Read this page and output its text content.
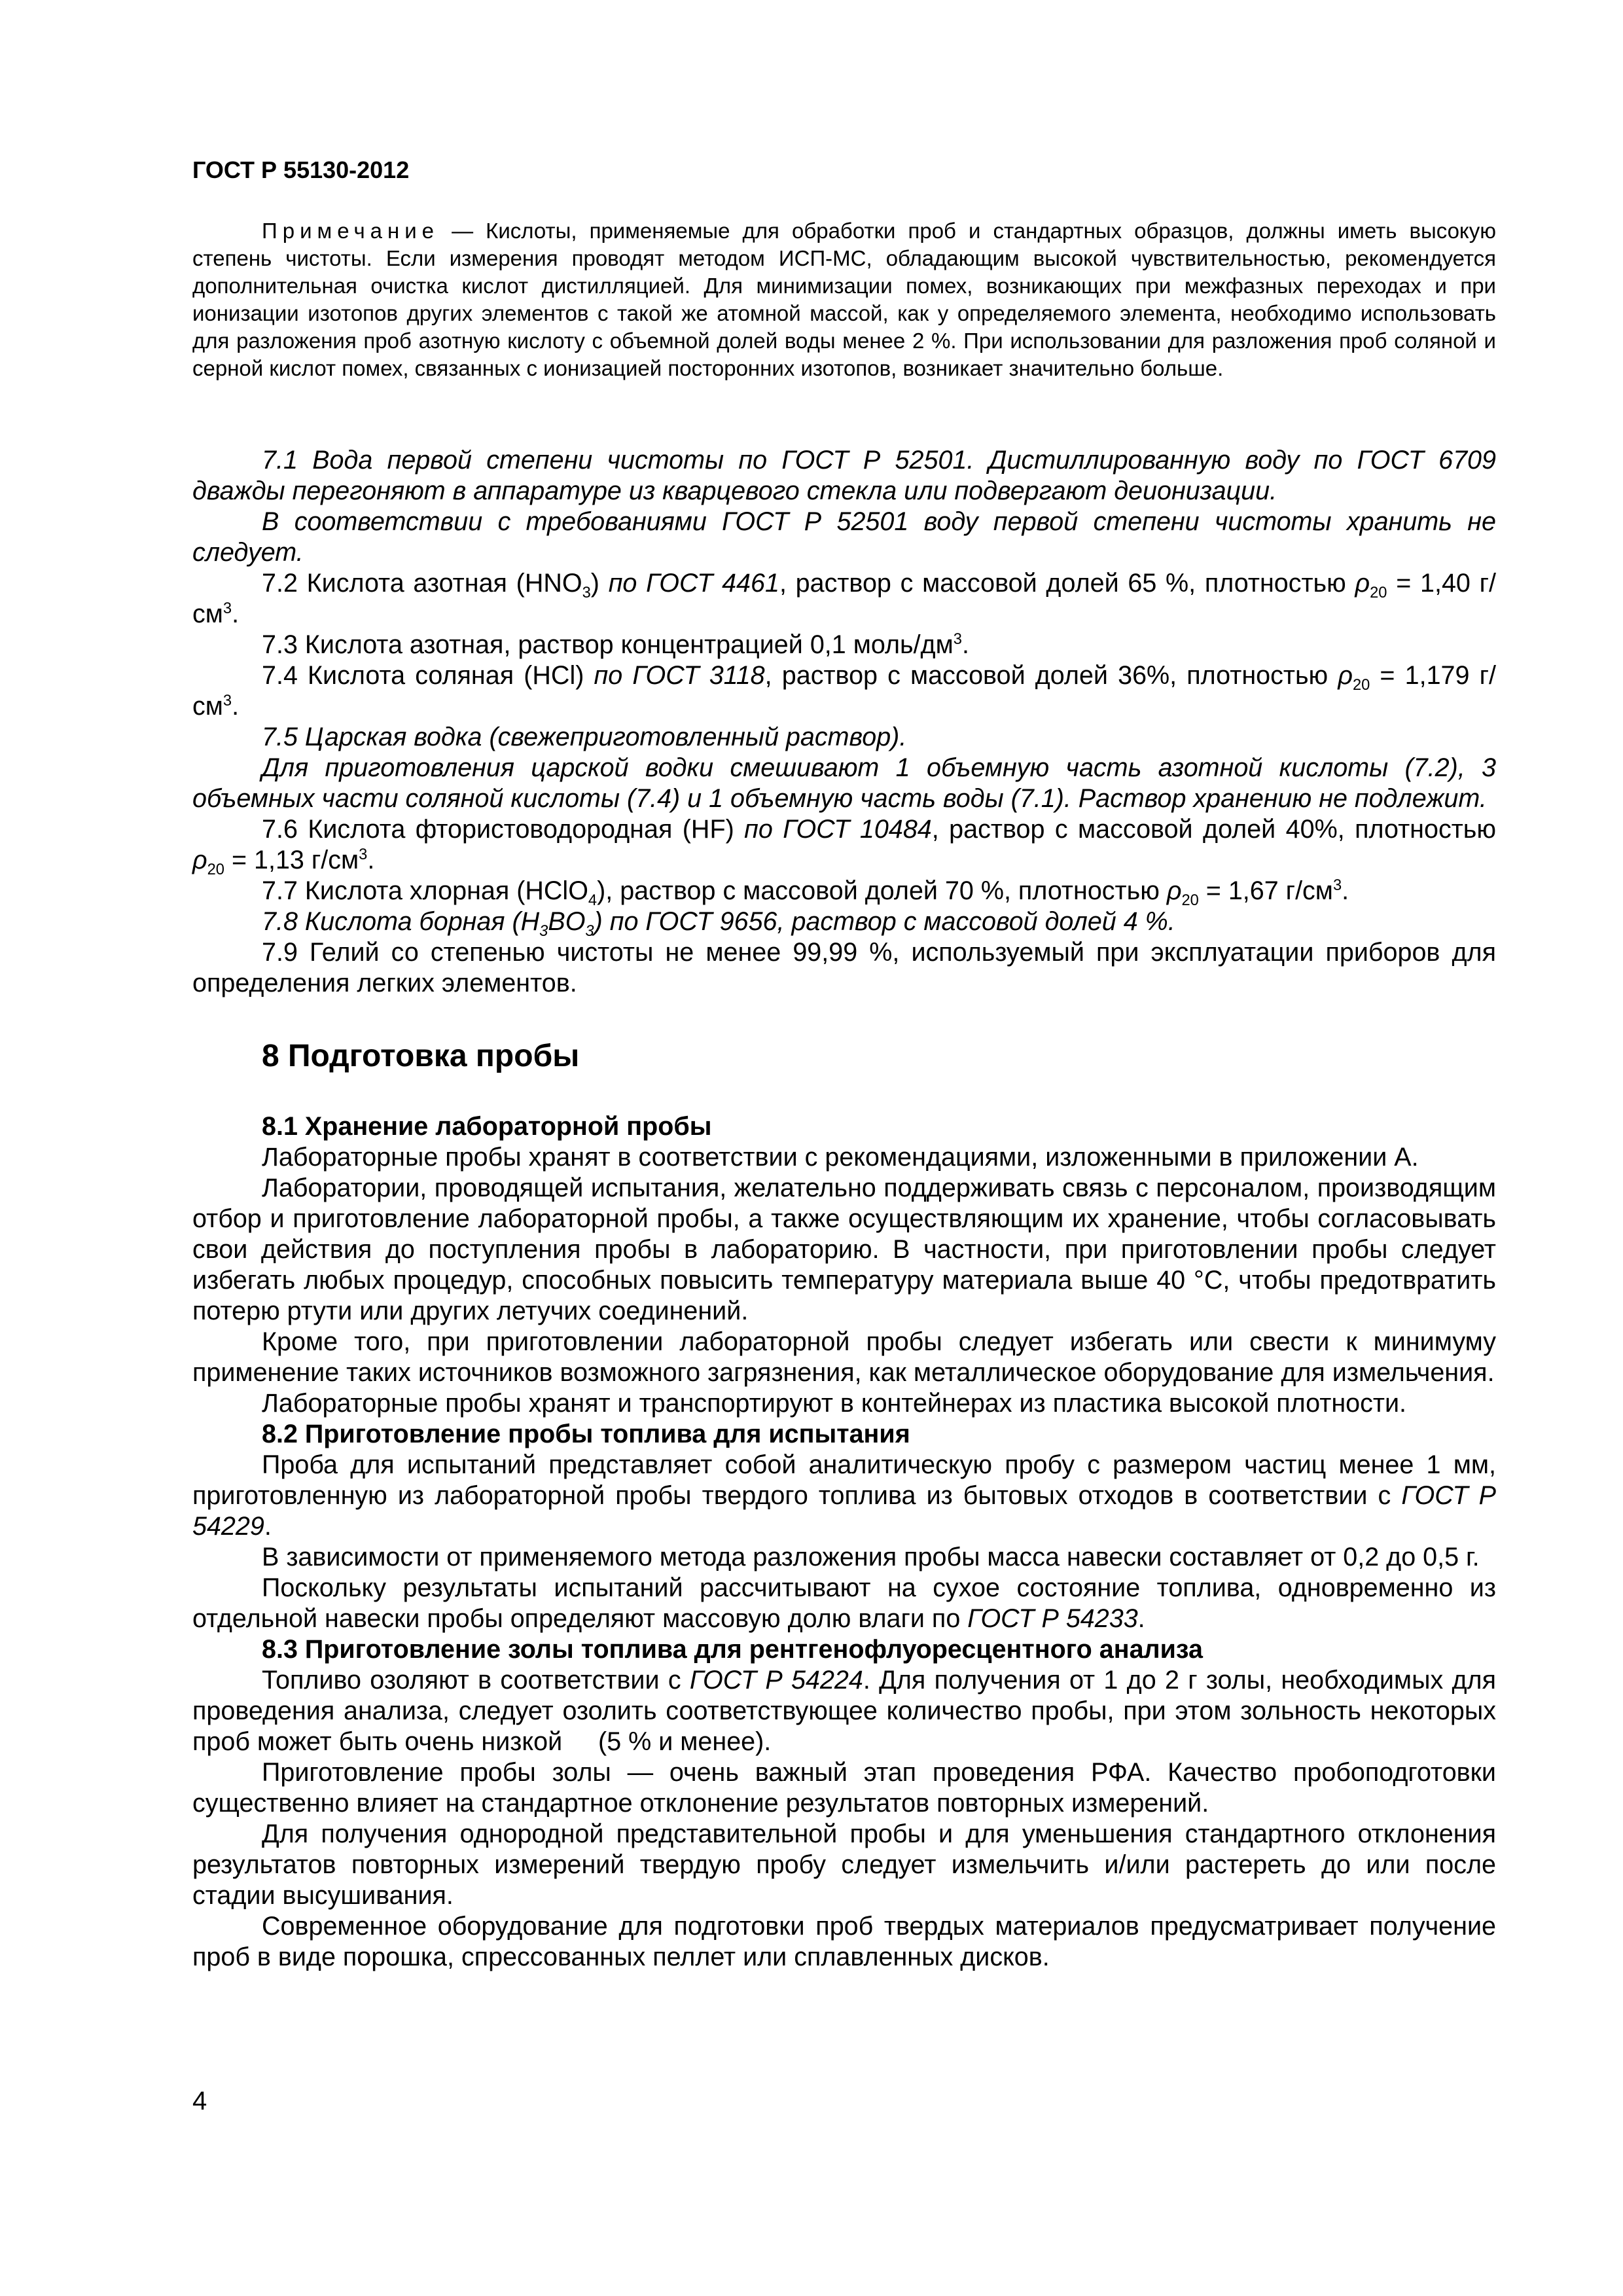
ГОСТ Р 55130-2012

Примечание — Кислоты, применяемые для обработки проб и стандартных образцов, должны иметь высокую степень чистоты. Если измерения проводят методом ИСП-МС, обладающим высокой чувствительностью, рекомендуется дополнительная очистка кислот дистилляцией. Для минимизации помех, возникающих при межфазных переходах и при ионизации изотопов других элементов с такой же атомной массой, как у определяемого элемента, необходимо использовать для разложения проб азотную кислоту с объемной долей воды менее 2 %. При использовании для разложения проб соляной и серной кислот помех, связанных с ионизацией посторонних изотопов, возникает значительно больше.

7.1 Вода первой степени чистоты по ГОСТ Р 52501. Дистиллированную воду по ГОСТ 6709 дважды перегоняют в аппаратуре из кварцевого стекла или подвергают деионизации.

В соответствии с требованиями ГОСТ Р 52501 воду первой степени чистоты хранить не следует.

7.2 Кислота азотная $(HNO_3)$ по ГОСТ 4461, раствор с массовой долей 65 %, плотностью $\rho_{20} = 1,40$ $г/см^3$.

7.3 Кислота азотная, раствор концентрацией 0,1 моль/$дм^3$.

7.4 Кислота соляная (HCl) по ГОСТ 3118, раствор с массовой долей 36%, плотностью $\rho_{20} = 1,179$ $г/см^3$.

7.5 Царская водка (свежеприготовленный раствор).

Для приготовления царской водки смешивают 1 объемную часть азотной кислоты (7.2), 3 объемных части соляной кислоты (7.4) и 1 объемную часть воды (7.1). Раствор хранению не подлежит.

7.6 Кислота фтористоводородная (HF) по ГОСТ 10484, раствор с массовой долей 40%, плотностью $\rho_{20} = 1,13$ $г/см^3$.

7.7 Кислота хлорная (HClO$_4$), раствор с массовой долей 70 %, плотностью $\rho_{20} = 1,67$ $г/см^3$.

7.8 Кислота борная $(H_3BO_3)$ по ГОСТ 9656, раствор с массовой долей 4 %.

7.9 Гелий со степенью чистоты не менее 99,99 %, используемый при эксплуатации приборов для определения легких элементов.

8 Подготовка пробы

8.1 Хранение лабораторной пробы

Лабораторные пробы хранят в соответствии с рекомендациями, изложенными в приложении А.

Лаборатории, проводящей испытания, желательно поддерживать связь с персоналом, производящим отбор и приготовление лабораторной пробы, а также осуществляющим их хранение, чтобы согласовывать свои действия до поступления пробы в лабораторию. В частности, при приготовлении пробы следует избегать любых процедур, способных повысить температуру материала выше 40 °С, чтобы предотвратить потерю ртути или других летучих соединений.

Кроме того, при приготовлении лабораторной пробы следует избегать или свести к минимуму применение таких источников возможного загрязнения, как металлическое оборудование для измельчения.

Лабораторные пробы хранят и транспортируют в контейнерах из пластика высокой плотности.

8.2 Приготовление пробы топлива для испытания

Проба для испытаний представляет собой аналитическую пробу с размером частиц менее 1 мм, приготовленную из лабораторной пробы твердого топлива из бытовых отходов в соответствии с ГОСТ Р 54229.

В зависимости от применяемого метода разложения пробы масса навески составляет от 0,2 до 0,5 г.

Поскольку результаты испытаний рассчитывают на сухое состояние топлива, одновременно из отдельной навески пробы определяют массовую долю влаги по ГОСТ Р 54233.

8.3 Приготовление золы топлива для рентгенофлуоресцентного анализа

Топливо озоляют в соответствии с ГОСТ Р 54224. Для получения от 1 до 2 г золы, необходимых для проведения анализа, следует озолить соответствующее количество пробы, при этом зольность некоторых проб может быть очень низкой     (5 % и менее).

Приготовление пробы золы — очень важный этап проведения РФА. Качество пробоподготовки существенно влияет на стандартное отклонение результатов повторных измерений.

Для получения однородной представительной пробы и для уменьшения стандартного отклонения результатов повторных измерений твердую пробу следует измельчить и/или растереть до или после стадии высушивания.

Современное оборудование для подготовки проб твердых материалов предусматривает получение проб в виде порошка, спрессованных пеллет или сплавленных дисков.

4
